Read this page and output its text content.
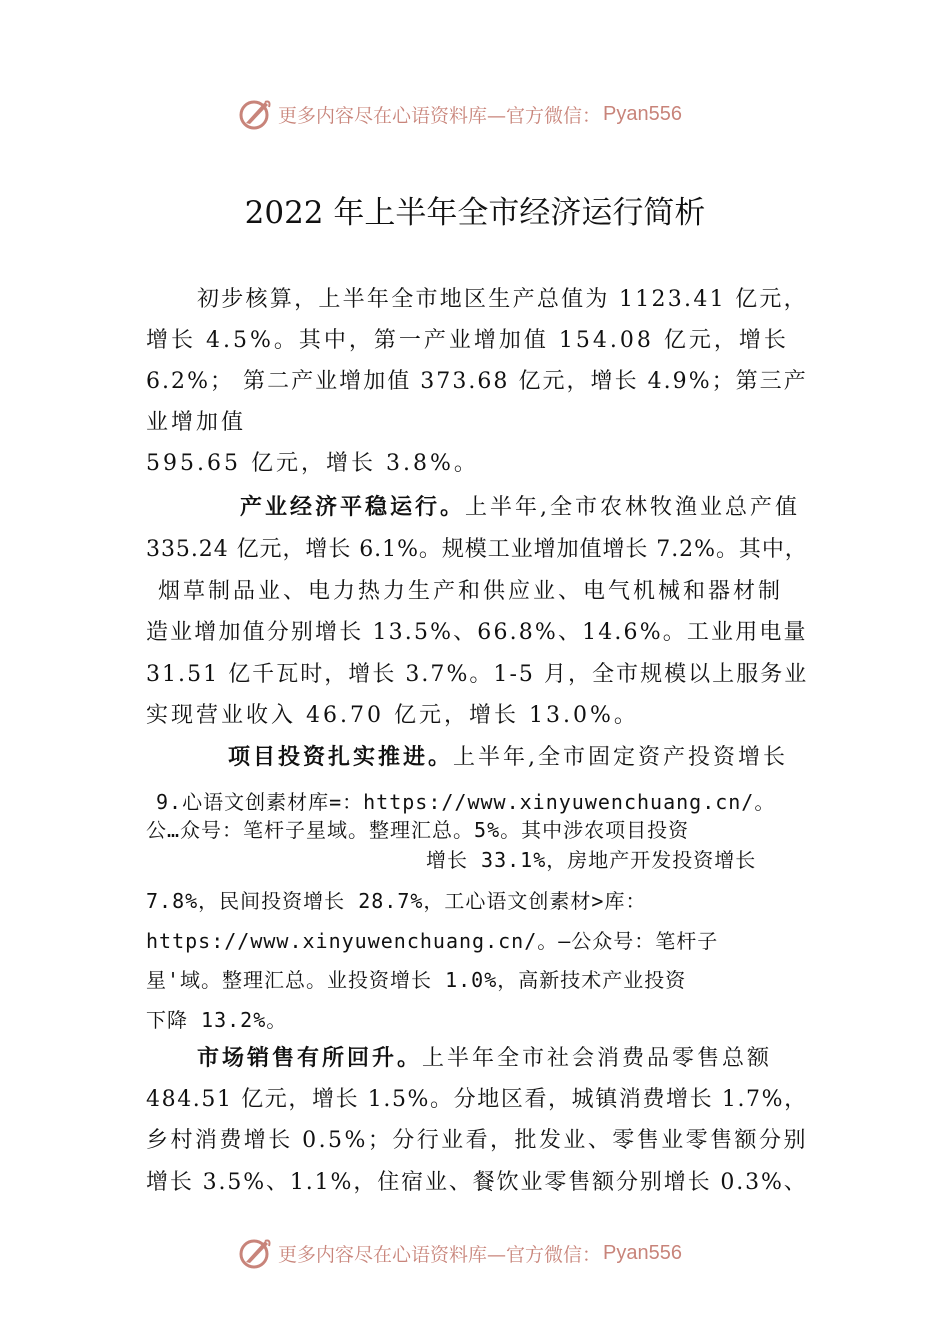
更多内容尽在心语资料库—官方微信： Pyan556
2022 年上半年全市经济运行简析
初步核算，上半年全市地区生产总值为 1123.41 亿元，
增长 4.5%。其中，第一产业增加值 154.08 亿元，增长
6.2%； 第二产业增加值 373.68 亿元，增长 4.9%；第三产
业增加值
595.65 亿元，增长 3.8%。
产业经济平稳运行。上半年,全市农林牧渔业总产值
335.24 亿元，增长 6.1%。规模工业增加值增长 7.2%。其中，
烟草制品业、电力热力生产和供应业、电气机械和器材制
造业增加值分别增长 13.5%、66.8%、14.6%。工业用电量
31.51 亿千瓦时，增长 3.7%。1-5 月，全市规模以上服务业
实现营业收入 46.70 亿元，增长 13.0%。
项目投资扎实推进。上半年,全市固定资产投资增长
9.心语文创素材库=：https://www.xinyuwenchuang.cn/。
公…众号：笔杆子星域。整理汇总。5%。其中涉农项目投资
增长 33.1%，房地产开发投资增长
7.8%，民间投资增长 28.7%，工心语文创素材>库：
https://www.xinyuwenchuang.cn/。—公众号：笔杆子
星'域。整理汇总。业投资增长 1.0%，高新技术产业投资
下降 13.2%。
市场销售有所回升。上半年全市社会消费品零售总额
484.51 亿元，增长 1.5%。分地区看，城镇消费增长 1.7%，
乡村消费增长 0.5%；分行业看，批发业、零售业零售额分别
增长 3.5%、1.1%，住宿业、餐饮业零售额分别增长 0.3%、
更多内容尽在心语资料库—官方微信： Pyan556
